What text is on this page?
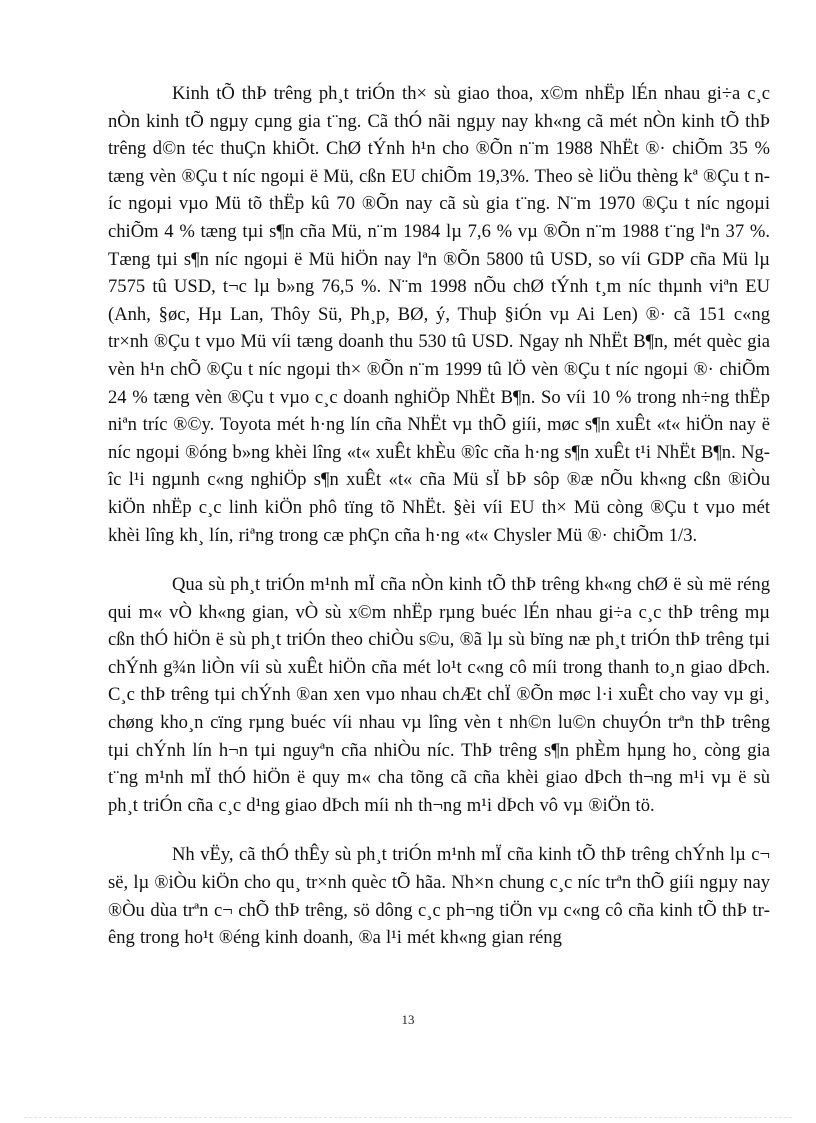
Kinh tÕ thÞ trêng ph¸t triÓn th× sù giao thoa, x©m nhËp lÉn nhau gi÷a c¸c nÒn kinh tÕ ngµy cµng gia t¨ng. Cã thÓ nãi ngµy nay kh«ng cã mét nÒn kinh tÕ thÞ trêng d©n téc thuÇn khiÕt. ChØ tÝnh h¹n cho ®Õn n¨m 1988 NhËt ®· chiÕm 35 % tæng vèn ®Çu t níc ngoµi ë Mü, cßn EU chiÕm 19,3%. Theo sè liÖu thèng kª ®Çu t níc ngoµi vµo Mü tõ thËp kû 70 ®Õn nay cã sù gia t¨ng. N¨m 1970 ®Çu t níc ngoµi chiÕm 4 % tæng tµi s¶n cña Mü, n¨m 1984 lµ 7,6 % vµ ®Õn n¨m 1988 t¨ng lªn 37 %. Tæng tµi s¶n níc ngoµi ë Mü hiÖn nay lªn ®Õn 5800 tû USD, so víi GDP cña Mü lµ 7575 tû USD, t¬c lµ b»ng 76,5 %. N¨m 1998 nÕu chØ tÝnh t¸m níc thµnh viªn EU (Anh, §øc, Hµ Lan, Thôy Sü, Ph¸p, BØ, ý, Thuþ §iÓn vµ Ai Len) ®· cã 151 c«ng tr×nh ®Çu t vµo Mü víi tæng doanh thu 530 tû USD. Ngay nh NhËt B¶n, mét quèc gia vèn h¹n chÕ ®Çu t níc ngoµi th× ®Õn n¨m 1999 tû lÖ vèn ®Çu t níc ngoµi ®· chiÕm 24 % tæng vèn ®Çu t vµo c¸c doanh nghiÖp NhËt B¶n. So víi 10 % trong nh÷ng thËp niªn tríc ®©y. Toyota mét h·ng lín cña NhËt vµ thÕ giíi, møc s¶n xuÊt «t« hiÖn nay ë níc ngoµi ®óng b»ng khèi lîng «t« xuÊt khÈu ®îc cña h·ng s¶n xuÊt t¹i NhËt B¶n. Ngîc l¹i ngµnh c«ng nghiÖp s¶n xuÊt «t« cña Mü sÏ bÞ sôp ®æ nÕu kh«ng cßn ®iÒu kiÖn nhËp c¸c linh kiÖn phô tïng tõ NhËt. §èi víi EU th× Mü còng ®Çu t vµo mét khèi lîng kh¸ lín, riªng trong cæ phÇn cña h·ng «t« Chysler Mü ®· chiÕm 1/3.

Qua sù ph¸t triÓn m¹nh mÏ cña nÒn kinh tÕ thÞ trêng kh«ng chØ ë sù më réng qui m« vÒ kh«ng gian, vÒ sù x©m nhËp rµng buéc lÉn nhau gi÷a c¸c thÞ trêng mµ cßn thÓ hiÖn ë sù ph¸t triÓn theo chiÒu s©u, ®ã lµ sù bïng næ ph¸t triÓn thÞ trêng tµi chÝnh g¾n liÒn víi sù xuÊt hiÖn cña mét lo¹t c«ng cô míi trong thanh to¸n giao dÞch. C¸c thÞ trêng tµi chÝnh ®an xen vµo nhau chÆt chÏ ®Õn møc l·i xuÊt cho vay vµ gi¸ chøng kho¸n cïng rµng buéc víi nhau vµ lîng vèn t nh©n lu©n chuyÓn trªn thÞ trêng tµi chÝnh lín h¬n tµi nguyªn cña nhiÒu níc. ThÞ trêng s¶n phÈm hµng ho¸ còng gia t¨ng m¹nh mÏ thÓ hiÖn ë quy m« cha tõng cã cña khèi giao dÞch th¬ng m¹i vµ ë sù ph¸t triÓn cña c¸c d¹ng giao dÞch míi nh th¬ng m¹i dÞch vô vµ ®iÖn tö.

Nh vËy, cã thÓ thÊy sù ph¸t triÓn m¹nh mÏ cña kinh tÕ thÞ trêng chÝnh lµ c¬ së, lµ ®iÒu kiÖn cho qu¸ tr×nh quèc tÕ hãa. Nh×n chung c¸c níc trªn thÕ giíi ngµy nay ®Òu dùa trªn c¬ chÕ thÞ trêng, sö dông c¸c ph¬ng tiÖn vµ c«ng cô cña kinh tÕ thÞ trêng trong ho¹t ®éng kinh doanh, ®a l¹i mét kh«ng gian réng

13
